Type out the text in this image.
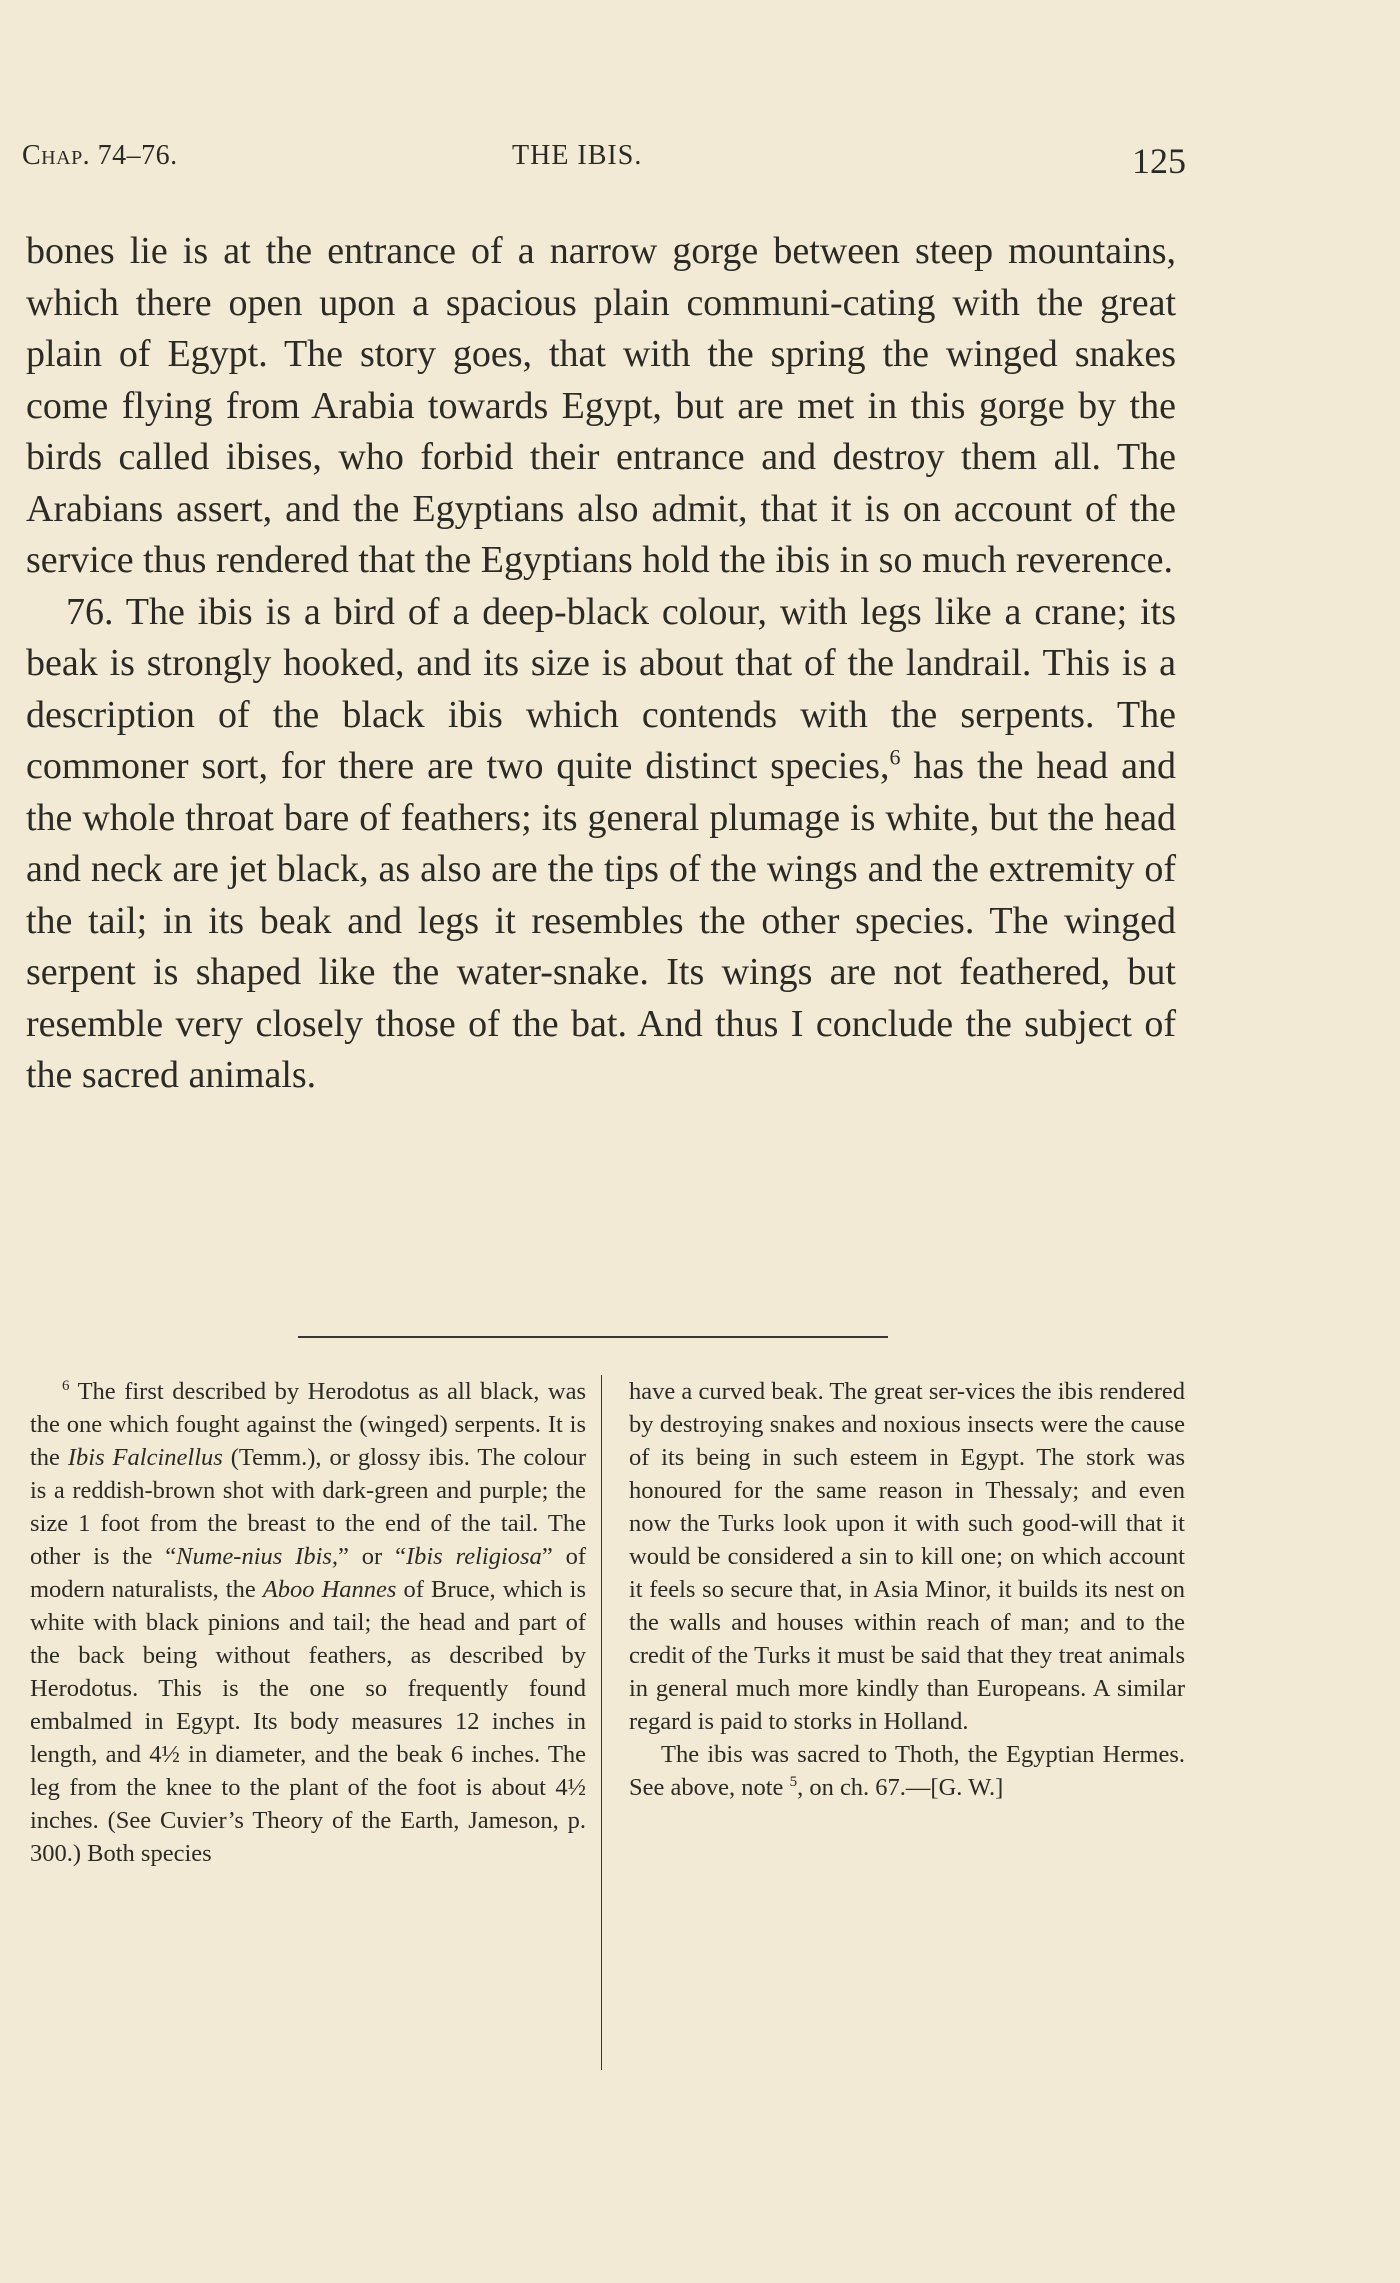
Chap. 74–76.	THE IBIS.	125

bones lie is at the entrance of a narrow gorge between steep mountains, which there open upon a spacious plain communi-cating with the great plain of Egypt. The story goes, that with the spring the winged snakes come flying from Arabia towards Egypt, but are met in this gorge by the birds called ibises, who forbid their entrance and destroy them all. The Arabians assert, and the Egyptians also admit, that it is on account of the service thus rendered that the Egyptians hold the ibis in so much reverence.

76. The ibis is a bird of a deep-black colour, with legs like a crane; its beak is strongly hooked, and its size is about that of the landrail. This is a description of the black ibis which contends with the serpents. The commoner sort, for there are two quite distinct species,$^6$ has the head and the whole throat bare of feathers; its general plumage is white, but the head and neck are jet black, as also are the tips of the wings and the extremity of the tail; in its beak and legs it resembles the other species. The winged serpent is shaped like the water-snake. Its wings are not feathered, but resemble very closely those of the bat. And thus I conclude the subject of the sacred animals.

$^6$ The first described by Herodotus as all black, was the one which fought against the (winged) serpents. It is the Ibis Falcinellus (Temm.), or glossy ibis. The colour is a reddish-brown shot with dark-green and purple; the size 1 foot from the breast to the end of the tail. The other is the “Nume-nius Ibis,” or “Ibis religiosa” of modern naturalists, the Aboo Hannes of Bruce, which is white with black pinions and tail; the head and part of the back being without feathers, as described by Herodotus. This is the one so frequently found embalmed in Egypt. Its body measures 12 inches in length, and 4½ in diameter, and the beak 6 inches. The leg from the knee to the plant of the foot is about 4½ inches. (See Cuvier’s Theory of the Earth, Jameson, p. 300.) Both species

have a curved beak. The great ser-vices the ibis rendered by destroying snakes and noxious insects were the cause of its being in such esteem in Egypt. The stork was honoured for the same reason in Thessaly; and even now the Turks look upon it with such good-will that it would be considered a sin to kill one; on which account it feels so secure that, in Asia Minor, it builds its nest on the walls and houses within reach of man; and to the credit of the Turks it must be said that they treat animals in general much more kindly than Europeans. A similar regard is paid to storks in Holland.

The ibis was sacred to Thoth, the Egyptian Hermes. See above, note $^5$, on ch. 67.—[G. W.]
